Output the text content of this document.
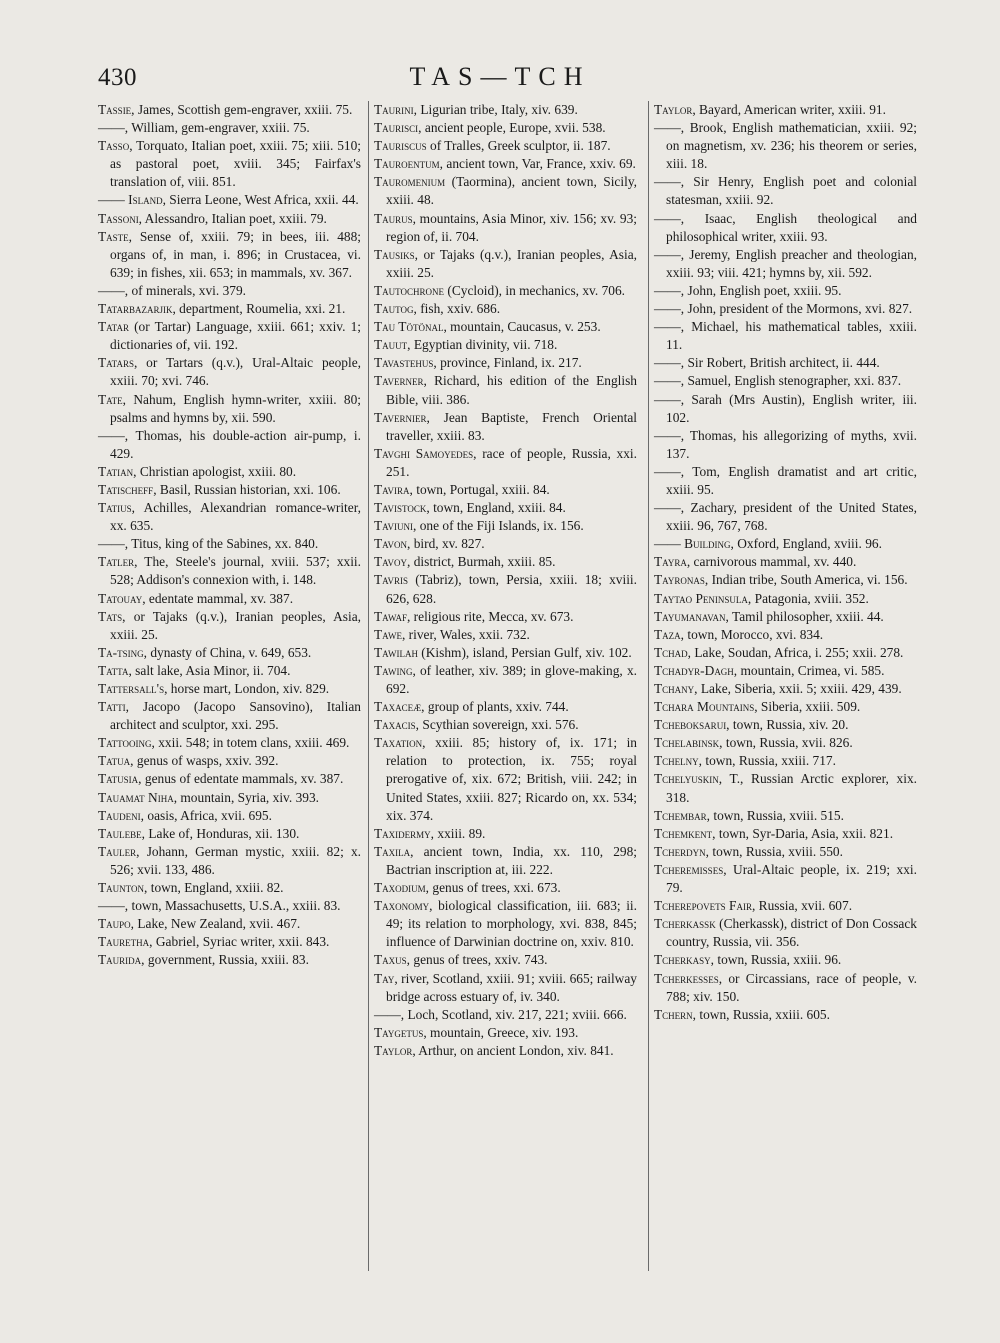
430	TAS—TCH

Tassie, James, Scottish gem-engraver, xxiii. 75.

——, William, gem-engraver, xxiii. 75.

Tasso, Torquato, Italian poet, xxiii. 75; xiii. 510; as pastoral poet, xviii. 345; Fairfax's translation of, viii. 851.

—— Island, Sierra Leone, West Africa, xxii. 44.

Tassoni, Alessandro, Italian poet, xxiii. 79.

Taste, Sense of, xxiii. 79; in bees, iii. 488; organs of, in man, i. 896; in Crustacea, vi. 639; in fishes, xii. 653; in mammals, xv. 367.

——, of minerals, xvi. 379.

Tatarbazarjik, department, Roumelia, xxi. 21.

Tatar (or Tartar) Language, xxiii. 661; xxiv. 1; dictionaries of, vii. 192.

Tatars, or Tartars (q.v.), Ural-Altaic people, xxiii. 70; xvi. 746.

Tate, Nahum, English hymn-writer, xxiii. 80; psalms and hymns by, xii. 590.

——, Thomas, his double-action air-pump, i. 429.

Tatian, Christian apologist, xxiii. 80.

Tatischeff, Basil, Russian historian, xxi. 106.

Tatius, Achilles, Alexandrian romance-writer, xx. 635.

——, Titus, king of the Sabines, xx. 840.

Tatler, The, Steele's journal, xviii. 537; xxii. 528; Addison's connexion with, i. 148.

Tatouay, edentate mammal, xv. 387.

Tats, or Tajaks (q.v.), Iranian peoples, Asia, xxiii. 25.

Ta-tsing, dynasty of China, v. 649, 653.

Tatta, salt lake, Asia Minor, ii. 704.

Tattersall's, horse mart, London, xiv. 829.

Tatti, Jacopo (Jacopo Sansovino), Italian architect and sculptor, xxi. 295.

Tattooing, xxii. 548; in totem clans, xxiii. 469.

Tatua, genus of wasps, xxiv. 392.

Tatusia, genus of edentate mammals, xv. 387.

Tauamat Niha, mountain, Syria, xiv. 393.

Taudeni, oasis, Africa, xvii. 695.

Taulebe, Lake of, Honduras, xii. 130.

Tauler, Johann, German mystic, xxiii. 82; x. 526; xvii. 133, 486.

Taunton, town, England, xxiii. 82.

——, town, Massachusetts, U.S.A., xxiii. 83.

Taupo, Lake, New Zealand, xvii. 467.

Tauretha, Gabriel, Syriac writer, xxii. 843.

Taurida, government, Russia, xxiii. 83.

Taurini, Ligurian tribe, Italy, xiv. 639.

Taurisci, ancient people, Europe, xvii. 538.

Tauriscus of Tralles, Greek sculptor, ii. 187.

Tauroentum, ancient town, Var, France, xxiv. 69.

Tauromenium (Taormina), ancient town, Sicily, xxiii. 48.

Taurus, mountains, Asia Minor, xiv. 156; xv. 93; region of, ii. 704.

Tausiks, or Tajaks (q.v.), Iranian peoples, Asia, xxiii. 25.

Tautochrone (Cycloid), in mechanics, xv. 706.

Tautog, fish, xxiv. 686.

Tau Tötönal, mountain, Caucasus, v. 253.

Tauut, Egyptian divinity, vii. 718.

Tavastehus, province, Finland, ix. 217.

Taverner, Richard, his edition of the English Bible, viii. 386.

Tavernier, Jean Baptiste, French Oriental traveller, xxiii. 83.

Tavghi Samoyedes, race of people, Russia, xxi. 251.

Tavira, town, Portugal, xxiii. 84.

Tavistock, town, England, xxiii. 84.

Taviuni, one of the Fiji Islands, ix. 156.

Tavon, bird, xv. 827.

Tavoy, district, Burmah, xxiii. 85.

Tavris (Tabriz), town, Persia, xxiii. 18; xviii. 626, 628.

Tawaf, religious rite, Mecca, xv. 673.

Tawe, river, Wales, xxii. 732.

Tawilah (Kishm), island, Persian Gulf, xiv. 102.

Tawing, of leather, xiv. 389; in glove-making, x. 692.

Taxaceæ, group of plants, xxiv. 744.

Taxacis, Scythian sovereign, xxi. 576.

Taxation, xxiii. 85; history of, ix. 171; in relation to protection, ix. 755; royal prerogative of, xix. 672; British, viii. 242; in United States, xxiii. 827; Ricardo on, xx. 534; xix. 374.

Taxidermy, xxiii. 89.

Taxila, ancient town, India, xx. 110, 298; Bactrian inscription at, iii. 222.

Taxodium, genus of trees, xxi. 673.

Taxonomy, biological classification, iii. 683; ii. 49; its relation to morphology, xvi. 838, 845; influence of Darwinian doctrine on, xxiv. 810.

Taxus, genus of trees, xxiv. 743.

Tay, river, Scotland, xxiii. 91; xviii. 665; railway bridge across estuary of, iv. 340.

——, Loch, Scotland, xiv. 217, 221; xviii. 666.

Taygetus, mountain, Greece, xiv. 193.

Taylor, Arthur, on ancient London, xiv. 841.

Taylor, Bayard, American writer, xxiii. 91.

——, Brook, English mathematician, xxiii. 92; on magnetism, xv. 236; his theorem or series, xiii. 18.

——, Sir Henry, English poet and colonial statesman, xxiii. 92.

——, Isaac, English theological and philosophical writer, xxiii. 93.

——, Jeremy, English preacher and theologian, xxiii. 93; viii. 421; hymns by, xii. 592.

——, John, English poet, xxiii. 95.

——, John, president of the Mormons, xvi. 827.

——, Michael, his mathematical tables, xxiii. 11.

——, Sir Robert, British architect, ii. 444.

——, Samuel, English stenographer, xxi. 837.

——, Sarah (Mrs Austin), English writer, iii. 102.

——, Thomas, his allegorizing of myths, xvii. 137.

——, Tom, English dramatist and art critic, xxiii. 95.

——, Zachary, president of the United States, xxiii. 96, 767, 768.

—— Building, Oxford, England, xviii. 96.

Tayra, carnivorous mammal, xv. 440.

Tayronas, Indian tribe, South America, vi. 156.

Taytao Peninsula, Patagonia, xviii. 352.

Tayumanavan, Tamil philosopher, xxiii. 44.

Taza, town, Morocco, xvi. 834.

Tchad, Lake, Soudan, Africa, i. 255; xxii. 278.

Tchadyr-Dagh, mountain, Crimea, vi. 585.

Tchany, Lake, Siberia, xxii. 5; xxiii. 429, 439.

Tchara Mountains, Siberia, xxiii. 509.

Tcheboksarui, town, Russia, xiv. 20.

Tchelabinsk, town, Russia, xvii. 826.

Tchelny, town, Russia, xxiii. 717.

Tchelyuskin, T., Russian Arctic explorer, xix. 318.

Tchembar, town, Russia, xviii. 515.

Tchemkent, town, Syr-Daria, Asia, xxii. 821.

Tcherdyn, town, Russia, xviii. 550.

Tcheremisses, Ural-Altaic people, ix. 219; xxi. 79.

Tcherepovets Fair, Russia, xvii. 607.

Tcherkassk (Cherkassk), district of Don Cossack country, Russia, vii. 356.

Tcherkasy, town, Russia, xxiii. 96.

Tcherkesses, or Circassians, race of people, v. 788; xiv. 150.

Tchern, town, Russia, xxiii. 605.
